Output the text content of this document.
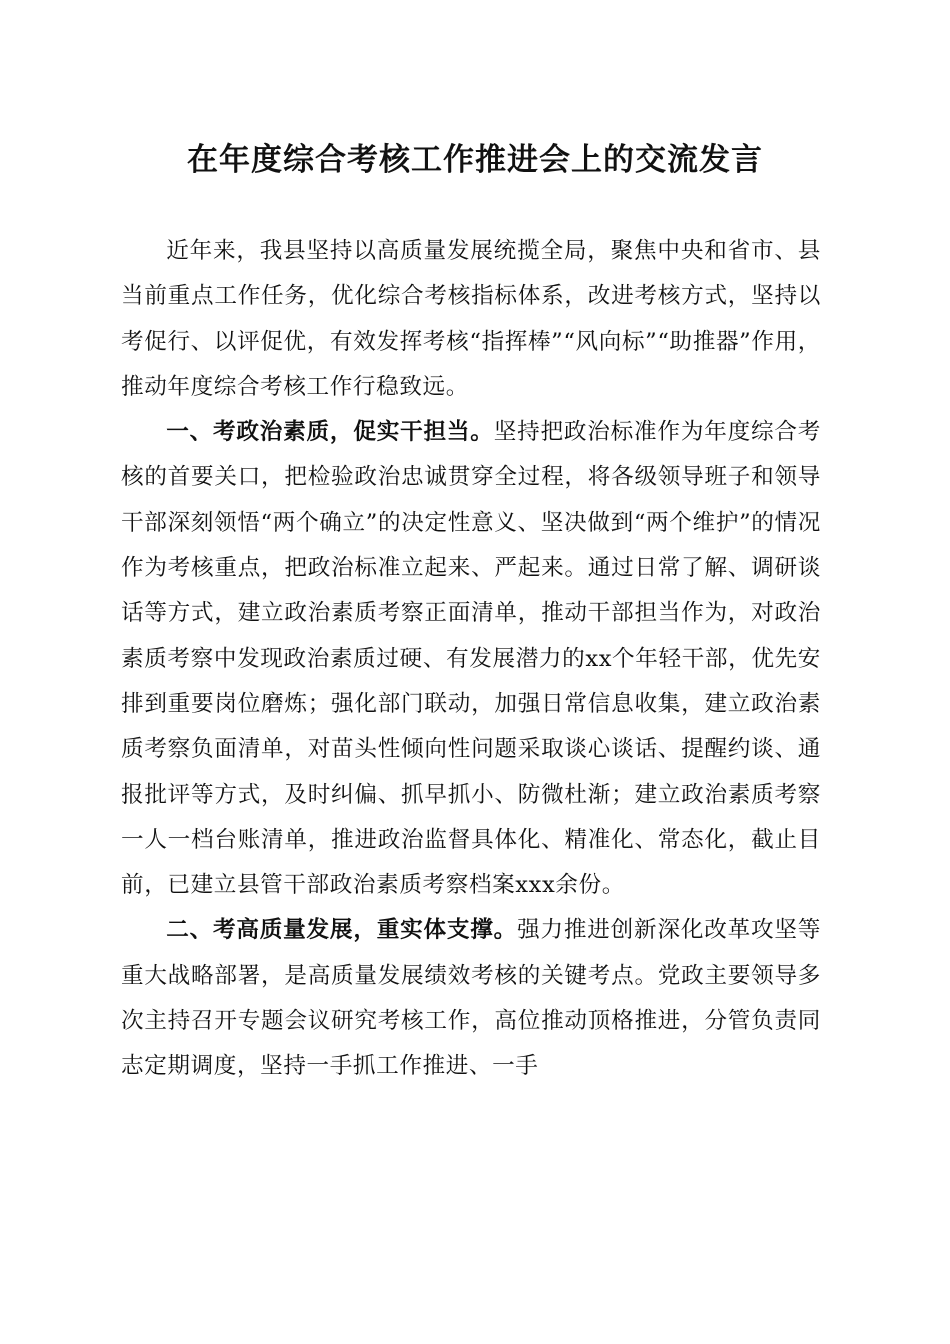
在年度综合考核工作推进会上的交流发言

近年来，我县坚持以高质量发展统揽全局，聚焦中央和省市、县当前重点工作任务，优化综合考核指标体系，改进考核方式，坚持以考促行、以评促优，有效发挥考核“指挥棒”“风向标”“助推器”作用，推动年度综合考核工作行稳致远。

一、考政治素质，促实干担当。坚持把政治标准作为年度综合考核的首要关口，把检验政治忠诚贯穿全过程，将各级领导班子和领导干部深刻领悟“两个确立”的决定性意义、坚决做到“两个维护”的情况作为考核重点，把政治标准立起来、严起来。通过日常了解、调研谈话等方式，建立政治素质考察正面清单，推动干部担当作为，对政治素质考察中发现政治素质过硬、有发展潜力的xx个年轻干部，优先安排到重要岗位磨炼；强化部门联动，加强日常信息收集，建立政治素质考察负面清单，对苗头性倾向性问题采取谈心谈话、提醒约谈、通报批评等方式，及时纠偏、抓早抓小、防微杜渐；建立政治素质考察一人一档台账清单，推进政治监督具体化、精准化、常态化，截止目前，已建立县管干部政治素质考察档案xxx余份。

二、考高质量发展，重实体支撑。强力推进创新深化改革攻坚等重大战略部署，是高质量发展绩效考核的关键考点。党政主要领导多次主持召开专题会议研究考核工作，高位推动顶格推进，分管负责同志定期调度，坚持一手抓工作推进、一手
